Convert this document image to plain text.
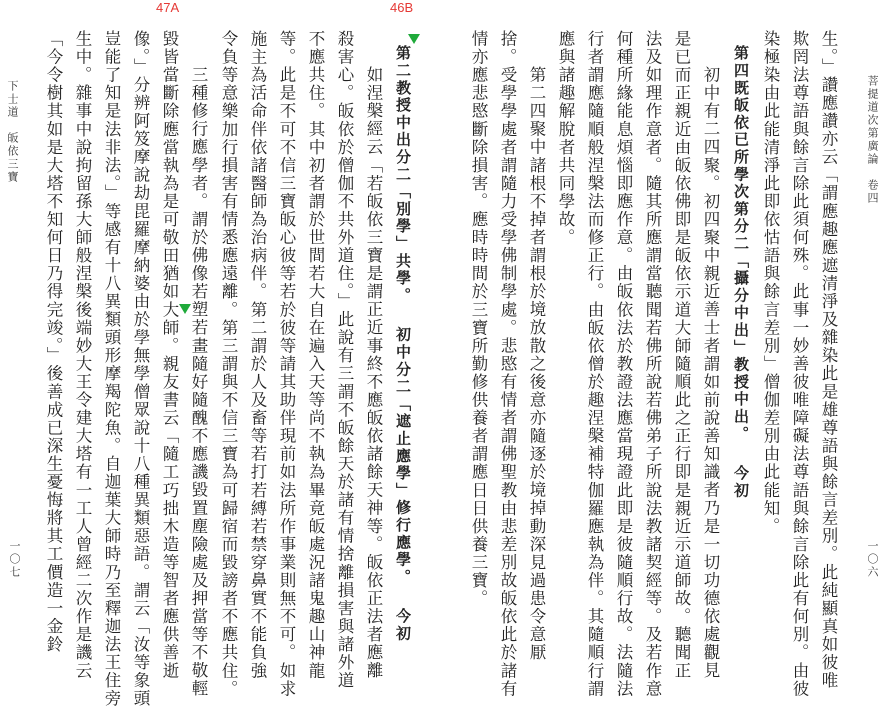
菩提道次第廣論　卷四
一〇六
生。」讚應讚亦云「謂應趣應遮清淨及雜染此是雄尊語與餘言差別。此純顯真如彼唯
欺罔法尊語與餘言除此須何殊。此事一妙善彼唯障礙法尊語與餘言除此有何別。由彼
染極染由此能清淨此即依怙語與餘言差別」僧伽差別由此能知。
第四既皈依已所學次第分二「攝分中出」教授中出。今初
初中有二四聚。初四聚中親近善士者謂如前說善知識者乃是一切功德依處觀見
是已而正親近由皈依佛即是皈依示道大師隨順此之正行即是親近示道師故。聽聞正
法及如理作意者。隨其所應謂當聽聞若佛所說若佛弟子所說法教諸契經等。及若作意
何種所緣能息煩惱即應作意。由皈依法於教證法應當現證此即是彼隨順行故。法隨法
行者謂應隨順般涅槃法而修正行。由皈依僧於趣涅槃補特伽羅應執為伴。其隨順行謂
應與諸趣解脫者共同學故。
第二四聚中諸根不掉者謂根於境放散之後意亦隨逐於境掉動深見過患令意厭
捨。受學學處者謂隨力受學佛制學處。悲愍有情者謂佛聖教由悲差別故皈依此於諸有
情亦應悲愍斷除損害。應時時間於三寶所勤修供養者謂應日日供養三寶。
47A	46B
第二教授中出分二「別學」共學。初中分二「遮止應學」修行應學。今初
如涅槃經云「若皈依三寶是謂正近事終不應皈依諸餘天神等。皈依正法者應離
殺害心。皈依於僧伽不共外道住。」此說有三謂不皈餘天於諸有情捨離損害與諸外道
不應共住。其中初者謂於世間若大自在遍入天等尚不執為畢竟皈處況諸鬼趣山神龍
等。此是不可不信三寶皈心彼等若於彼等請其助伴現前如法所作事業則無不可。如求
施主為活命伴依諸醫師為治病伴。第二謂於人及畜等若打若縛若禁穿鼻實不能負強
令負等意樂加行損害有情悉應遠離。第三謂與不信三寶為可歸宿而毀謗者不應共住。
三種修行應學者。謂於佛像若塑若畫隨好隨醜不應譏毀置塵險處及押當等不敬輕
毀皆當斷除應當執為是可敬田猶如大師。親友書云「隨工巧拙木造等智者應供善逝
像。」分辨阿笈摩說劫毘羅摩納婆由於學無學僧眾說十八種異類惡語。謂云「汝等象頭
豈能了知是法非法。」等感有十八異類頭形摩羯陀魚。自迦葉大師時乃至釋迦法王住旁
生中。雜事中說拘留孫大師般涅槃後端妙大王令建大塔有一工人曾經二次作是譏云
「今令樹其如是大塔不知何日乃得完竣。」後善成已深生憂悔將其工價造一金鈴
下士道　皈依三寶
一〇七
